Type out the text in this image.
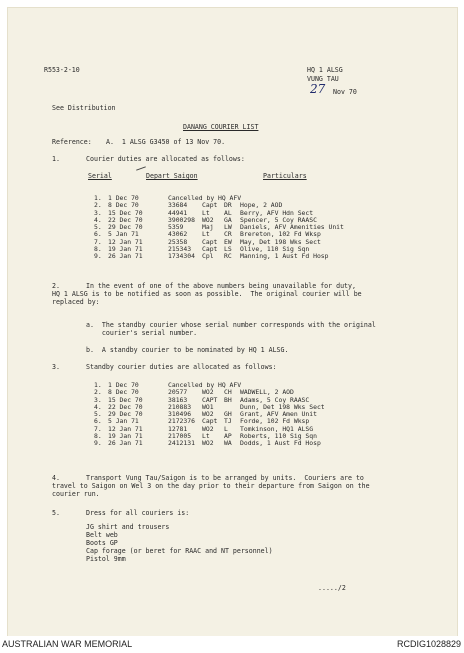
R553-2-10	HQ 1 ALSG
VUNG TAU
27 Nov 70
See Distribution
DANANG COURIER LIST
Reference: A.  1 ALSG G3450 of 13 Nov 70.
1.	Courier duties are allocated as follows:
Serial	Depart Saigon	Particulars
1. 1 Dec 70	Cancelled by HQ AFV
2. 8 Dec 70	33684 Capt DR Hope, 2 AOD
3. 15 Dec 70	44941 Lt AL Berry, AFV Hdn Sect
4. 22 Dec 70	3900298 WO2 GA Spencer, 5 Coy RAASC
5. 29 Dec 70	5359	Maj LW Daniels, AFV Amenities Unit
6. 5 Jan 71	43062 Lt CR Brereton, 102 Fd Wksp
7. 12 Jan 71	25358 Capt EW May, Det 198 Wks Sect
8. 19 Jan 71	215343 Capt LS Olive, 110 Sig Sqn
9. 26 Jan 71	1734304 Cpl RC Manning, 1 Aust Fd Hosp
2.	In the event of one of the above numbers being unavailable for duty,
HQ 1 ALSG is to be notified as soon as possible.  The original courier will be
replaced by:
a.  The standby courier whose serial number corresponds with the original
courier's serial number.
b.  A standby courier to be nominated by HQ 1 ALSG.
3.	Standby courier duties are allocated as follows:
1. 1 Dec 70	Cancelled by HQ AFV
2. 8 Dec 70	20577 WO2 CH WADWELL, 2 AOD
3. 15 Dec 70	38163 CAPT BH Adams, 5 Coy RAASC
4. 22 Dec 70	210883 WO1	Dunn, Det 198 Wks Sect
5. 29 Dec 70	310496 WO2 GH Grant, AFV Amen Unit
6. 5 Jan 71	2172376 Capt TJ Forde, 102 Fd Wksp
7. 12 Jan 71	12781 WO2 L Tomkinson, HQ1 ALSG
8. 19 Jan 71	217005 Lt AP Roberts, 110 Sig Sqn
9. 26 Jan 71	2412131 WO2 WA Dodds, 1 Aust Fd Hosp
4.	Transport Vung Tau/Saigon is to be arranged by units.  Couriers are to
travel to Saigon on Wel 3 on the day prior to their departure from Saigon on the
courier run.
5.	Dress for all couriers is:
JG shirt and trousers
Belt web
Boots GP
Cap forage (or beret for RAAC and NT personnel)
Pistol 9mm
...../2
AUSTRALIAN WAR MEMORIAL	RCDIG1028829
